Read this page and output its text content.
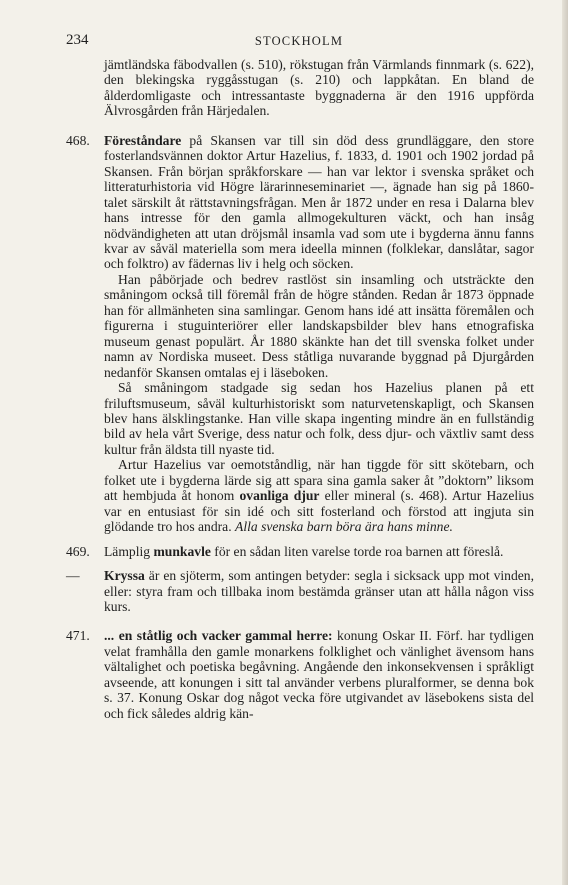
234	STOCKHOLM

jämtländska fäbodvallen (s. 510), rökstugan från Värmlands finnmark (s. 622), den blekingska ryggåsstugan (s. 210) och lappkåtan. En bland de ålderdomligaste och intressantaste byggnaderna är den 1916 uppförda Älvrosgården från Härjedalen.

468. Föreståndare på Skansen var till sin död dess grundläggare, den store fosterlandsvännen doktor Artur Hazelius, f. 1833, d. 1901 och 1902 jordad på Skansen. Från början språkforskare — han var lektor i svenska språket och litteraturhistoria vid Högre lärarinneseminariet —, ägnade han sig på 1860-talet särskilt åt rättstavningsfrågan. Men år 1872 under en resa i Dalarna blev hans intresse för den gamla allmogekulturen väckt, och han insåg nödvändigheten att utan dröjsmål insamla vad som ute i bygderna ännu fanns kvar av såväl materiella som mera ideella minnen (folklekar, danslåtar, sagor och folktro) av fädernas liv i helg och söcken.

Han påbörjade och bedrev rastlöst sin insamling och utsträckte den småningom också till föremål från de högre stånden. Redan år 1873 öppnade han för allmänheten sina samlingar. Genom hans idé att insätta föremålen och figurerna i stuguinteriörer eller landskapsbilder blev hans etnografiska museum genast populärt. År 1880 skänkte han det till svenska folket under namn av Nordiska museet. Dess ståtliga nuvarande byggnad på Djurgården nedanför Skansen omtalas ej i läseboken.

Så småningom stadgade sig sedan hos Hazelius planen på ett friluftsmuseum, såväl kulturhistoriskt som naturvetenskapligt, och Skansen blev hans älsklingstanke. Han ville skapa ingenting mindre än en fullständig bild av hela vårt Sverige, dess natur och folk, dess djur- och växtliv samt dess kultur från äldsta till nyaste tid.

Artur Hazelius var oemotståndlig, när han tiggde för sitt skötebarn, och folket ute i bygderna lärde sig att spara sina gamla saker åt ”doktorn” liksom att hembjuda åt honom ovanliga djur eller mineral (s. 468). Artur Hazelius var en entusiast för sin idé och sitt fosterland och förstod att ingjuta sin glödande tro hos andra. Alla svenska barn böra ära hans minne.

469. Lämplig munkavle för en sådan liten varelse torde roa barnen att föreslå.

— Kryssa är en sjöterm, som antingen betyder: segla i sicksack upp mot vinden, eller: styra fram och tillbaka inom bestämda gränser utan att hålla någon viss kurs.

471. ... en ståtlig och vacker gammal herre: konung Oskar II. Förf. har tydligen velat framhålla den gamle monarkens folklighet och vänlighet ävensom hans vältalighet och poetiska begåvning. Angående den inkonsekvensen i språkligt avseende, att konungen i sitt tal använder verbens pluralformer, se denna bok s. 37. Konung Oskar dog något vecka före utgivandet av läsebokens sista del och fick således aldrig kän-
